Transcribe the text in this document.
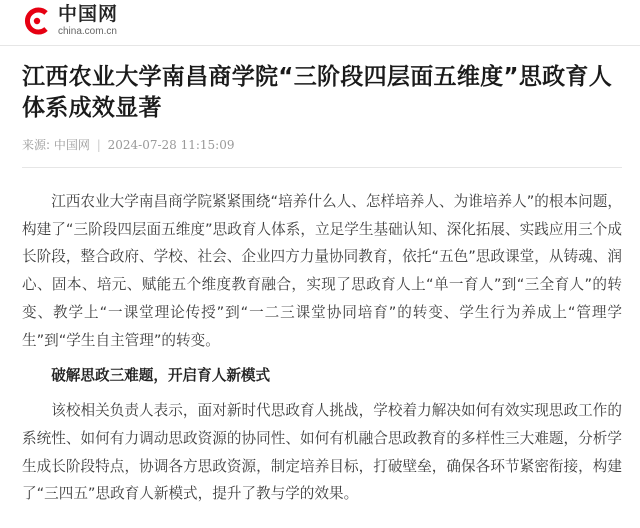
中国网
china.com.cn
江西农业大学南昌商学院“三阶段四层面五维度”思政育人体系成效显著
来源: 中国网 | 2024-07-28 11:15:09

江西农业大学南昌商学院紧紧围绕“培养什么人、怎样培养人、为谁培养人”的根本问题，构建了“三阶段四层面五维度”思政育人体系，立足学生基础认知、深化拓展、实践应用三个成长阶段，整合政府、学校、社会、企业四方力量协同教育，依托“五色”思政课堂，从铸魂、润心、固本、培元、赋能五个维度教育融合，实现了思政育人上“单一育人”到“三全育人”的转变、教学上“一课堂理论传授”到“一二三课堂协同培育”的转变、学生行为养成上“管理学生”到“学生自主管理”的转变。

破解思政三难题，开启育人新模式

该校相关负责人表示，面对新时代思政育人挑战，学校着力解决如何有效实现思政工作的系统性、如何有力调动思政资源的协同性、如何有机融合思政教育的多样性三大难题，分析学生成长阶段特点，协调各方思政资源，制定培养目标，打破壁垒，确保各环节紧密衔接，构建了“三四五”思政育人新模式，提升了教与学的效果。
